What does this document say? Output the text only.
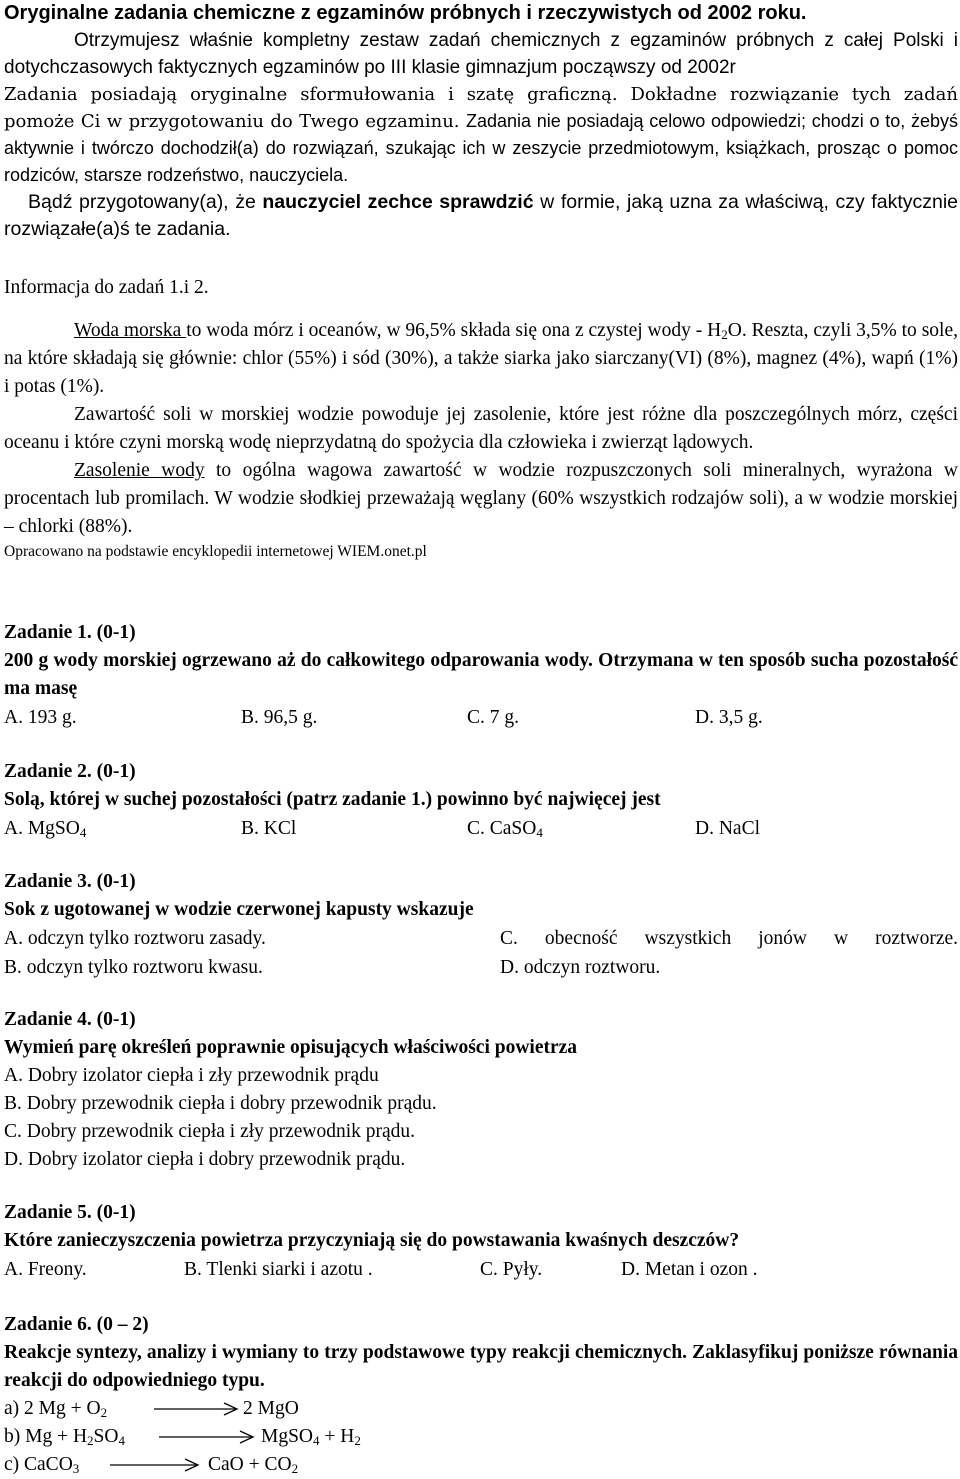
Oryginalne zadania chemiczne z egzaminów próbnych i rzeczywistych od 2002 roku.

Otrzymujesz właśnie kompletny zestaw zadań chemicznych z egzaminów próbnych z całej Polski i dotychczasowych faktycznych egzaminów po III klasie gimnazjum począwszy od 2002r

Zadania posiadają oryginalne sformułowania i szatę graficzną. Dokładne rozwiązanie tych zadań pomoże Ci w przygotowaniu do Twego egzaminu. Zadania nie posiadają celowo odpowiedzi; chodzi o to, żebyś aktywnie i twórczo dochodził(a) do rozwiązań, szukając ich w zeszycie przedmiotowym, książkach, prosząc o pomoc rodziców, starsze rodzeństwo, nauczyciela.

Bądź przygotowany(a), że nauczyciel zechce sprawdzić w formie, jaką uzna za właściwą, czy faktycznie rozwiązałe(a)ś te zadania.

Informacja do zadań 1.i 2.

Woda morska to woda mórz i oceanów, w 96,5% składa się ona z czystej wody - $H_2O$. Reszta, czyli 3,5% to sole, na które składają się głównie: chlor (55%) i sód (30%), a także siarka jako siarczany(VI) (8%), magnez (4%), wapń (1%) i potas (1%).

Zawartość soli w morskiej wodzie powoduje jej zasolenie, które jest różne dla poszczególnych mórz, części oceanu i które czyni morską wodę nieprzydatną do spożycia dla człowieka i zwierząt lądowych.

Zasolenie wody to ogólna wagowa zawartość w wodzie rozpuszczonych soli mineralnych, wyrażona w procentach lub promilach. W wodzie słodkiej przeważają węglany (60% wszystkich rodzajów soli), a w wodzie morskiej – chlorki (88%).

Opracowano na podstawie encyklopedii internetowej WIEM.onet.pl

Zadanie 1. (0-1)
200 g wody morskiej ogrzewano aż do całkowitego odparowania wody. Otrzymana w ten sposób sucha pozostałość ma masę
A. 193 g.	B. 96,5 g.	C. 7 g.	D. 3,5 g.
Zadanie 2. (0-1)
Solą, której w suchej pozostałości (patrz zadanie 1.) powinno być najwięcej jest
A. MgSO$_4$	B. KCl	C. CaSO$_4$	D. NaCl
Zadanie 3. (0-1)
Sok z ugotowanej w wodzie czerwonej kapusty wskazuje
A. odczyn tylko roztworu zasady.	C. obecność wszystkich jonów w roztworze.
B. odczyn tylko roztworu kwasu.	D. odczyn roztworu.
Zadanie 4. (0-1)
Wymień parę określeń poprawnie opisujących właściwości powietrza
A. Dobry izolator ciepła i zły przewodnik prądu
B. Dobry przewodnik ciepła i dobry przewodnik prądu.
C. Dobry przewodnik ciepła i zły przewodnik prądu.
D. Dobry izolator ciepła i dobry przewodnik prądu.
Zadanie 5. (0-1)
Które zanieczyszczenia powietrza przyczyniają się do powstawania kwaśnych deszczów?
A. Freony.	B. Tlenki siarki i azotu .	C. Pyły.	D. Metan i ozon .
Zadanie 6. (0 – 2)
Reakcje syntezy, analizy i wymiany to trzy podstawowe typy reakcji chemicznych. Zaklasyfikuj poniższe równania reakcji do odpowiedniego typu.
a) 2 $Mg + O_2$	2 MgO
b) $Mg + H_2SO_4$	MgSO$_4$ + $H_2$
c) CaCO$_3$	CaO + $CO_2$
